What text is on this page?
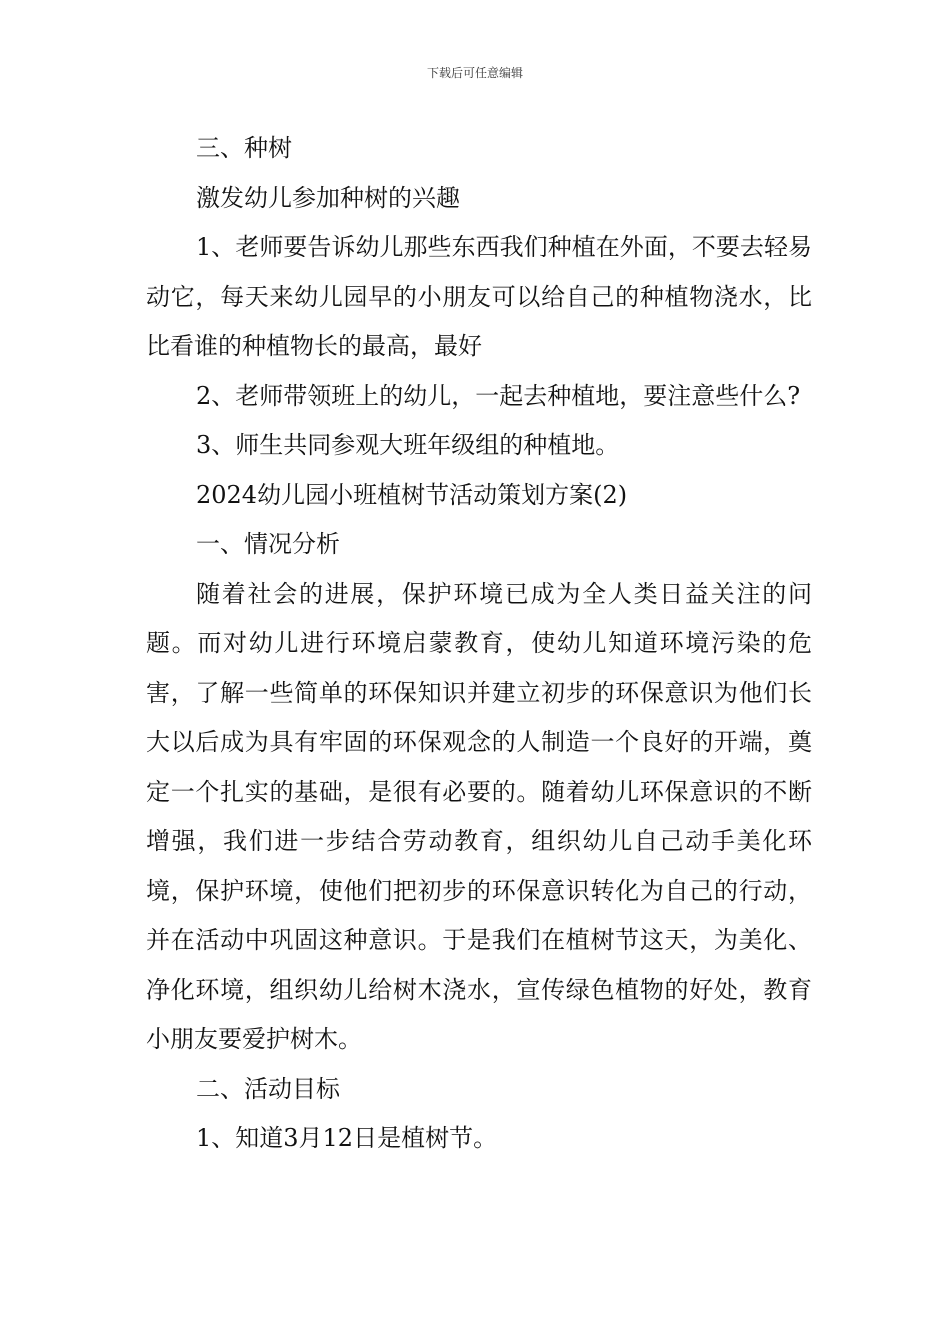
下载后可任意编辑

三、种树

激发幼儿参加种树的兴趣

1、老师要告诉幼儿那些东西我们种植在外面，不要去轻易动它，每天来幼儿园早的小朋友可以给自己的种植物浇水，比比看谁的种植物长的最高，最好

2、老师带领班上的幼儿，一起去种植地，要注意些什么?

3、师生共同参观大班年级组的种植地。

2024幼儿园小班植树节活动策划方案(2)

一、情况分析

随着社会的进展，保护环境已成为全人类日益关注的问题。而对幼儿进行环境启蒙教育，使幼儿知道环境污染的危害，了解一些简单的环保知识并建立初步的环保意识为他们长大以后成为具有牢固的环保观念的人制造一个良好的开端，奠定一个扎实的基础，是很有必要的。随着幼儿环保意识的不断增强，我们进一步结合劳动教育，组织幼儿自己动手美化环境，保护环境，使他们把初步的环保意识转化为自己的行动，并在活动中巩固这种意识。于是我们在植树节这天，为美化、净化环境，组织幼儿给树木浇水，宣传绿色植物的好处，教育小朋友要爱护树木。

二、活动目标

1、知道3月12日是植树节。
